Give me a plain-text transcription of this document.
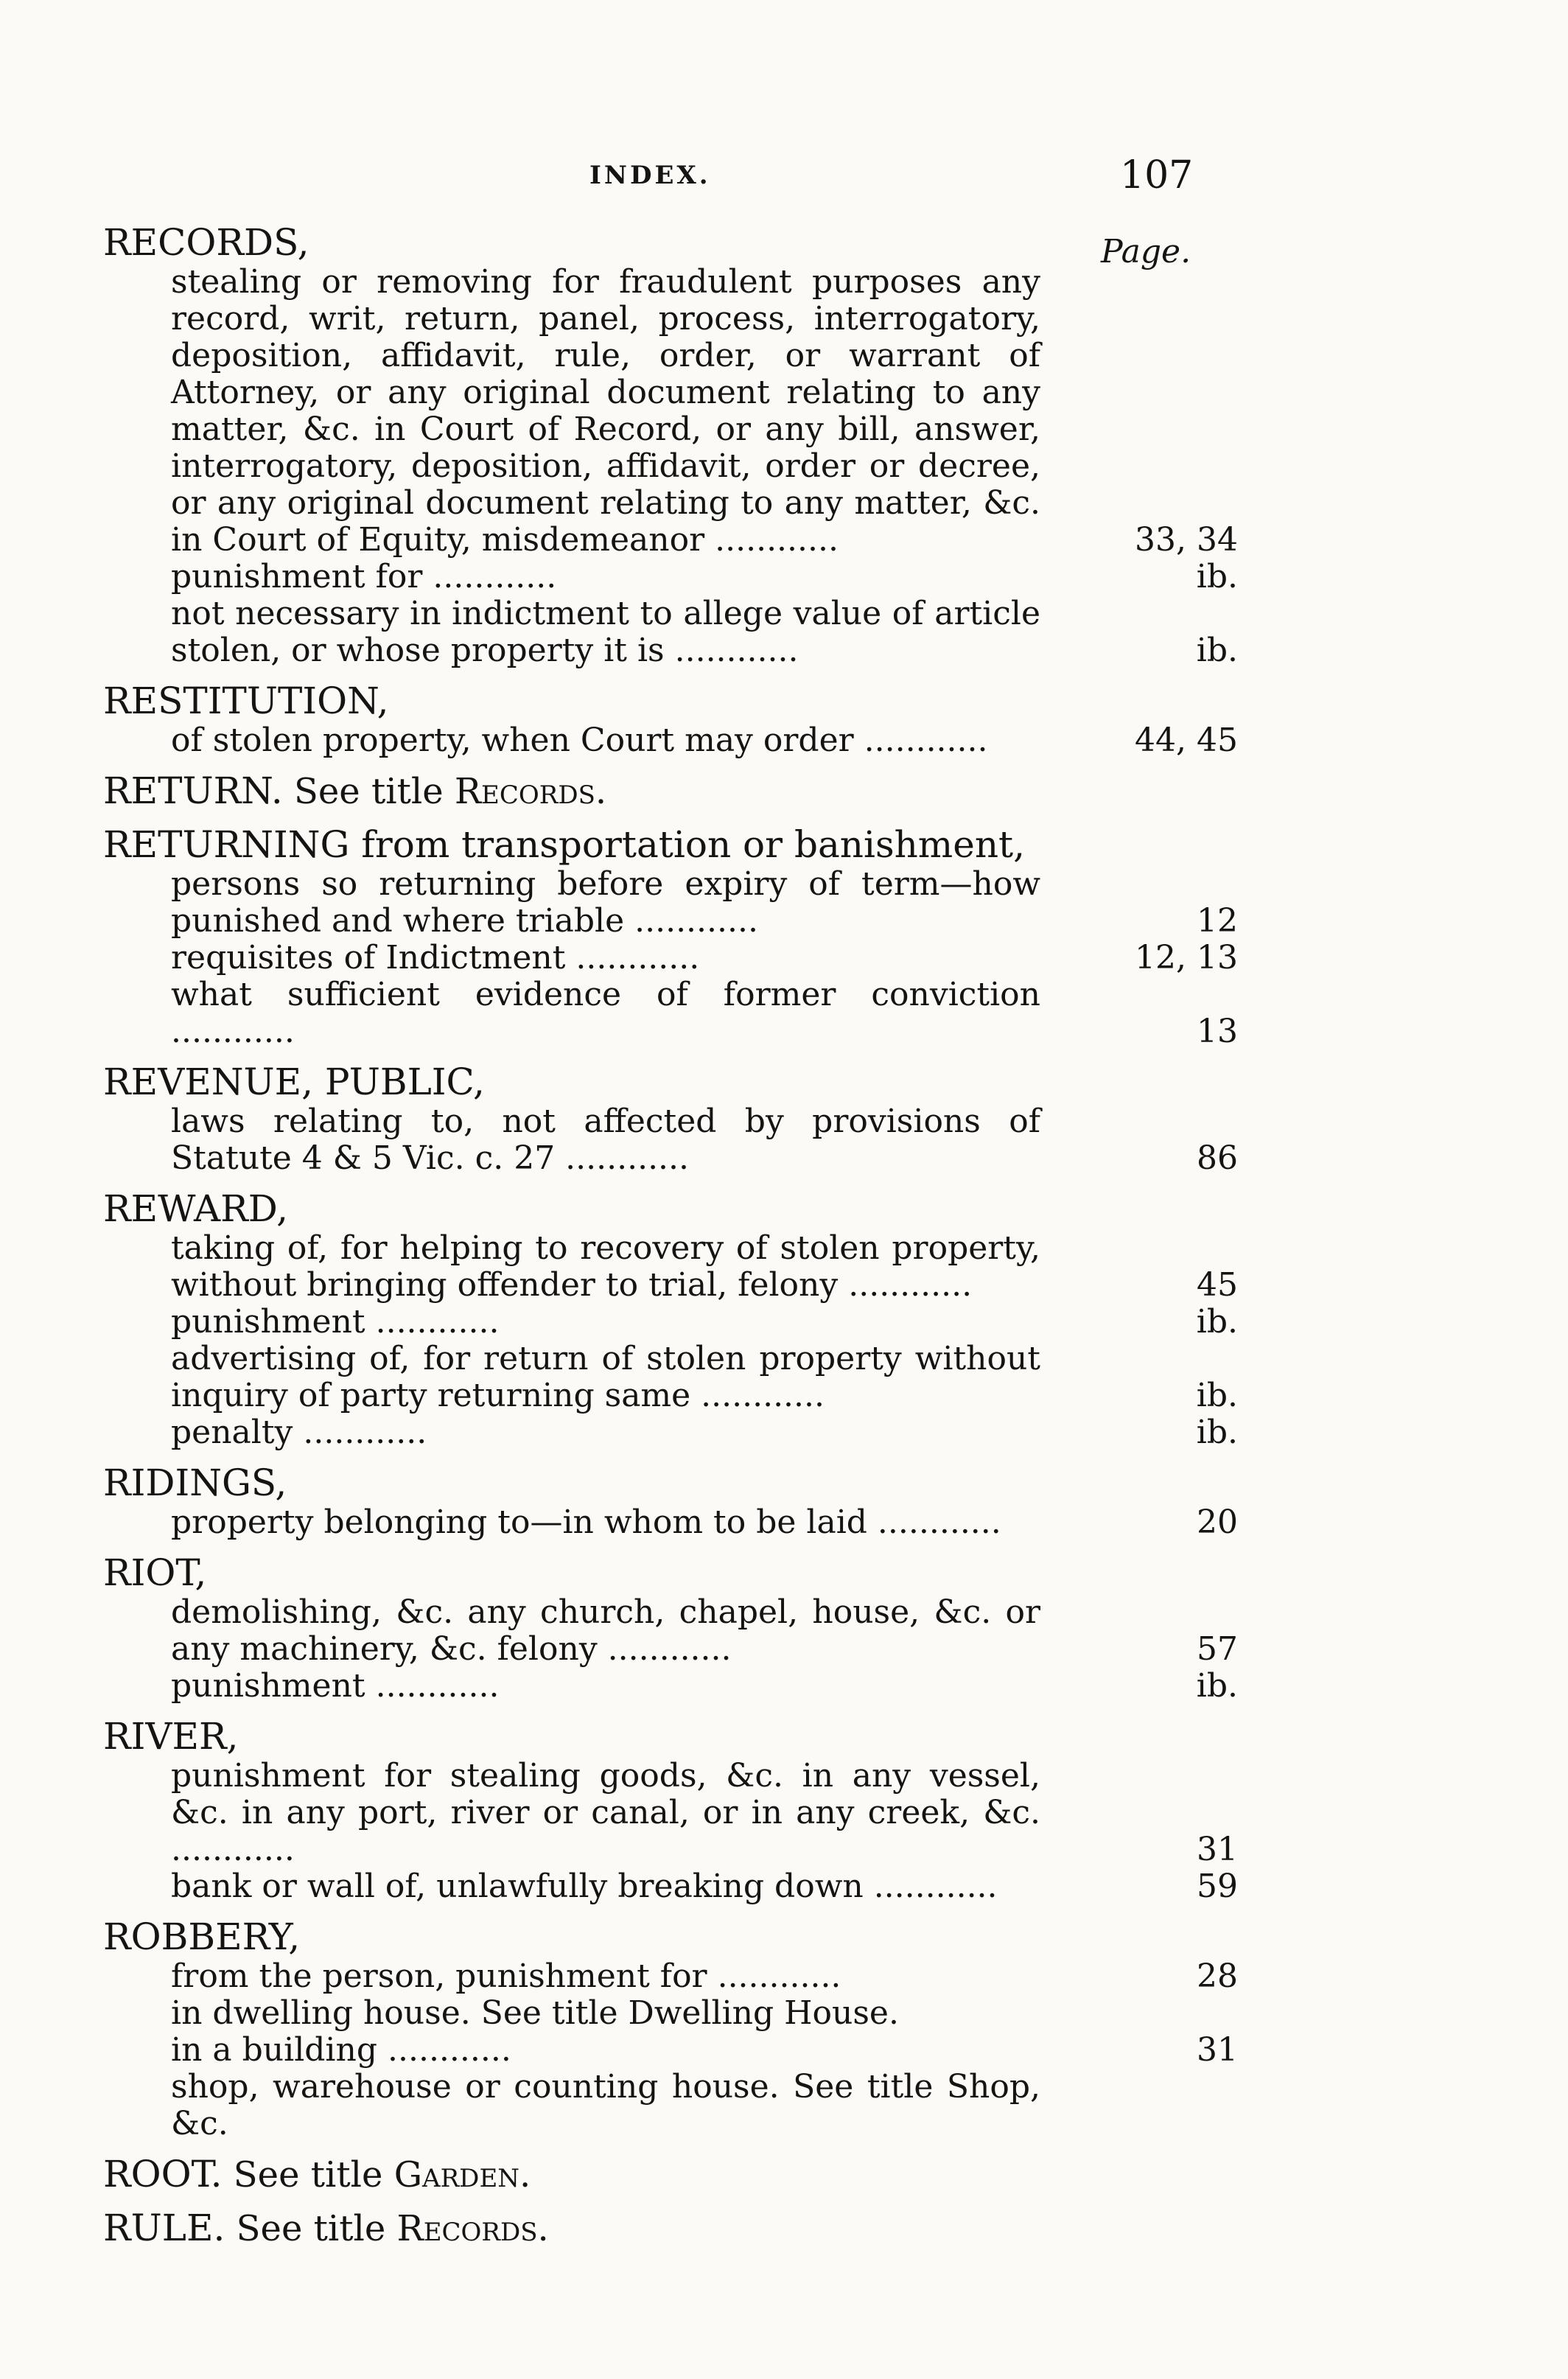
INDEX.	107
Page.
RECORDS,
stealing or removing for fraudulent purposes any record, writ, return, panel, process, interrogatory, deposition, affidavit, rule, order, or warrant of Attorney, or any original document relating to any matter, &c. in Court of Record, or any bill, answer, interrogatory, deposition, affidavit, order or decree, or any original document relating to any matter, &c. in Court of Equity, misdemeanor ............	33, 34
punishment for ............	ib.
not necessary in indictment to allege value of article stolen, or whose property it is ............	ib.
RESTITUTION,
of stolen property, when Court may order ............	44, 45
RETURN. See title Records.
RETURNING from transportation or banishment,
persons so returning before expiry of term—how punished and where triable ............	12
requisites of Indictment ............	12, 13
what sufficient evidence of former conviction ............	13
REVENUE, PUBLIC,
laws relating to, not affected by provisions of Statute 4 & 5 Vic. c. 27 ............	86
REWARD,
taking of, for helping to recovery of stolen property, without bringing offender to trial, felony ............	45
punishment ............	ib.
advertising of, for return of stolen property without inquiry of party returning same ............	ib.
penalty ............	ib.
RIDINGS,
property belonging to—in whom to be laid ............	20
RIOT,
demolishing, &c. any church, chapel, house, &c. or any machinery, &c. felony ............	57
punishment ............	ib.
RIVER,
punishment for stealing goods, &c. in any vessel, &c. in any port, river or canal, or in any creek, &c. ............	31
bank or wall of, unlawfully breaking down ............	59
ROBBERY,
from the person, punishment for ............	28
in dwelling house. See title Dwelling House.
in a building ............	31
shop, warehouse or counting house. See title Shop, &c.
ROOT. See title Garden.
RULE. See title Records.
